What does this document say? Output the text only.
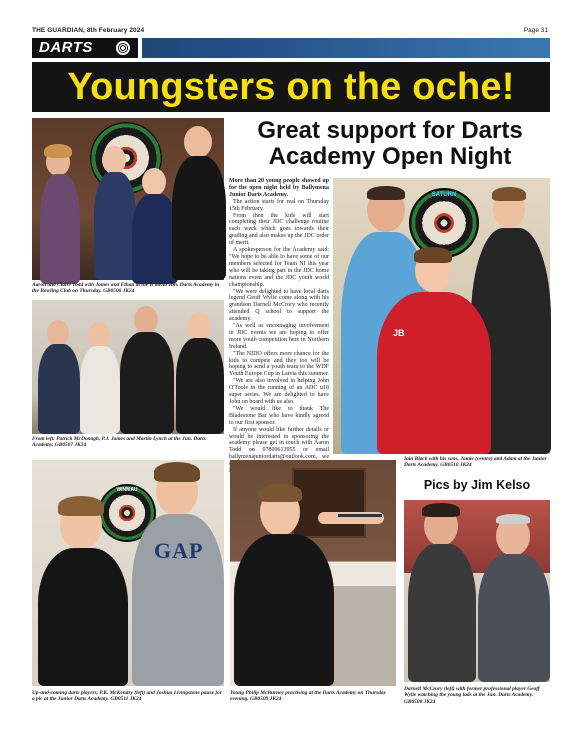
THE GUARDIAN, 8th February 2024	Page 31
DARTS
Youngsters on the oche!
Aaron and Claire Todd with James and Ethan at the B'mena Jun. Darts Academy in the Bowling Club on Thursday. GB0506 JK24
From left: Patrick McDonagh, P.J. James and Martin Lynch at the Jun. Darts Academy. GB0507 JK24
Great support for Darts Academy Open Night

More than 20 young people showed up for the open night held by Ballymena Junior Darts Academy.

The action starts for real on Thursday 15th February.

From then the kids will start completing their JDC challenge routine each week which goes towards their grading and also makes up the JDC order of merit.

A spokesperson for the Academy said: "We hope to be able to have some of our members selected for Team NI this year who will be taking part in the JDC home nations event and the JDC youth world championship.

"We were delighted to have local darts legend Geoff Wylie come along with his grandson Darnell McCrory who recently attended Q school to support the academy.

"As well as encouraging involvement in JDC events we are hoping to offer more youth competition here in Northern Ireland.

"The NIDO offers more chance for the kids to compete and they too will be hoping to send a youth team to the WDF Youth Europe Cup in Latvia this summer.

"We are also involved in helping John O'Toole in the running of an ADC u18 super series. We are delighted to have John on board with us also.

"We would like to thank The Bladestone Bar who have kindly agreed to our first sponsor.

If anyone would like further details or would be interested in sponsoring the academy please get in touch with Aaron Todd on 07809613955 or email ballymenajuniordarts@outlook.com, we

SATURN
JB
Iain Black with his sons, Jamie (centre) and Adam at the Junior Darts Academy. GB0510 JK24
Pics by Jim Kelso
WINMAU
GAP
Up-and-coming darts players, P.K. McKendry (left) and Joshua Livingstone pause for a pic at the Junior Darts Academy. GB0511 JK24
Young Philip McBurney practising at the Darts Academy on Thursday evening. GB0509 JK24
Darnell McCrory (left) with former professional player Geoff Wylie watching the young lads at the Jun. Darts Academy. GB0508 JK24
